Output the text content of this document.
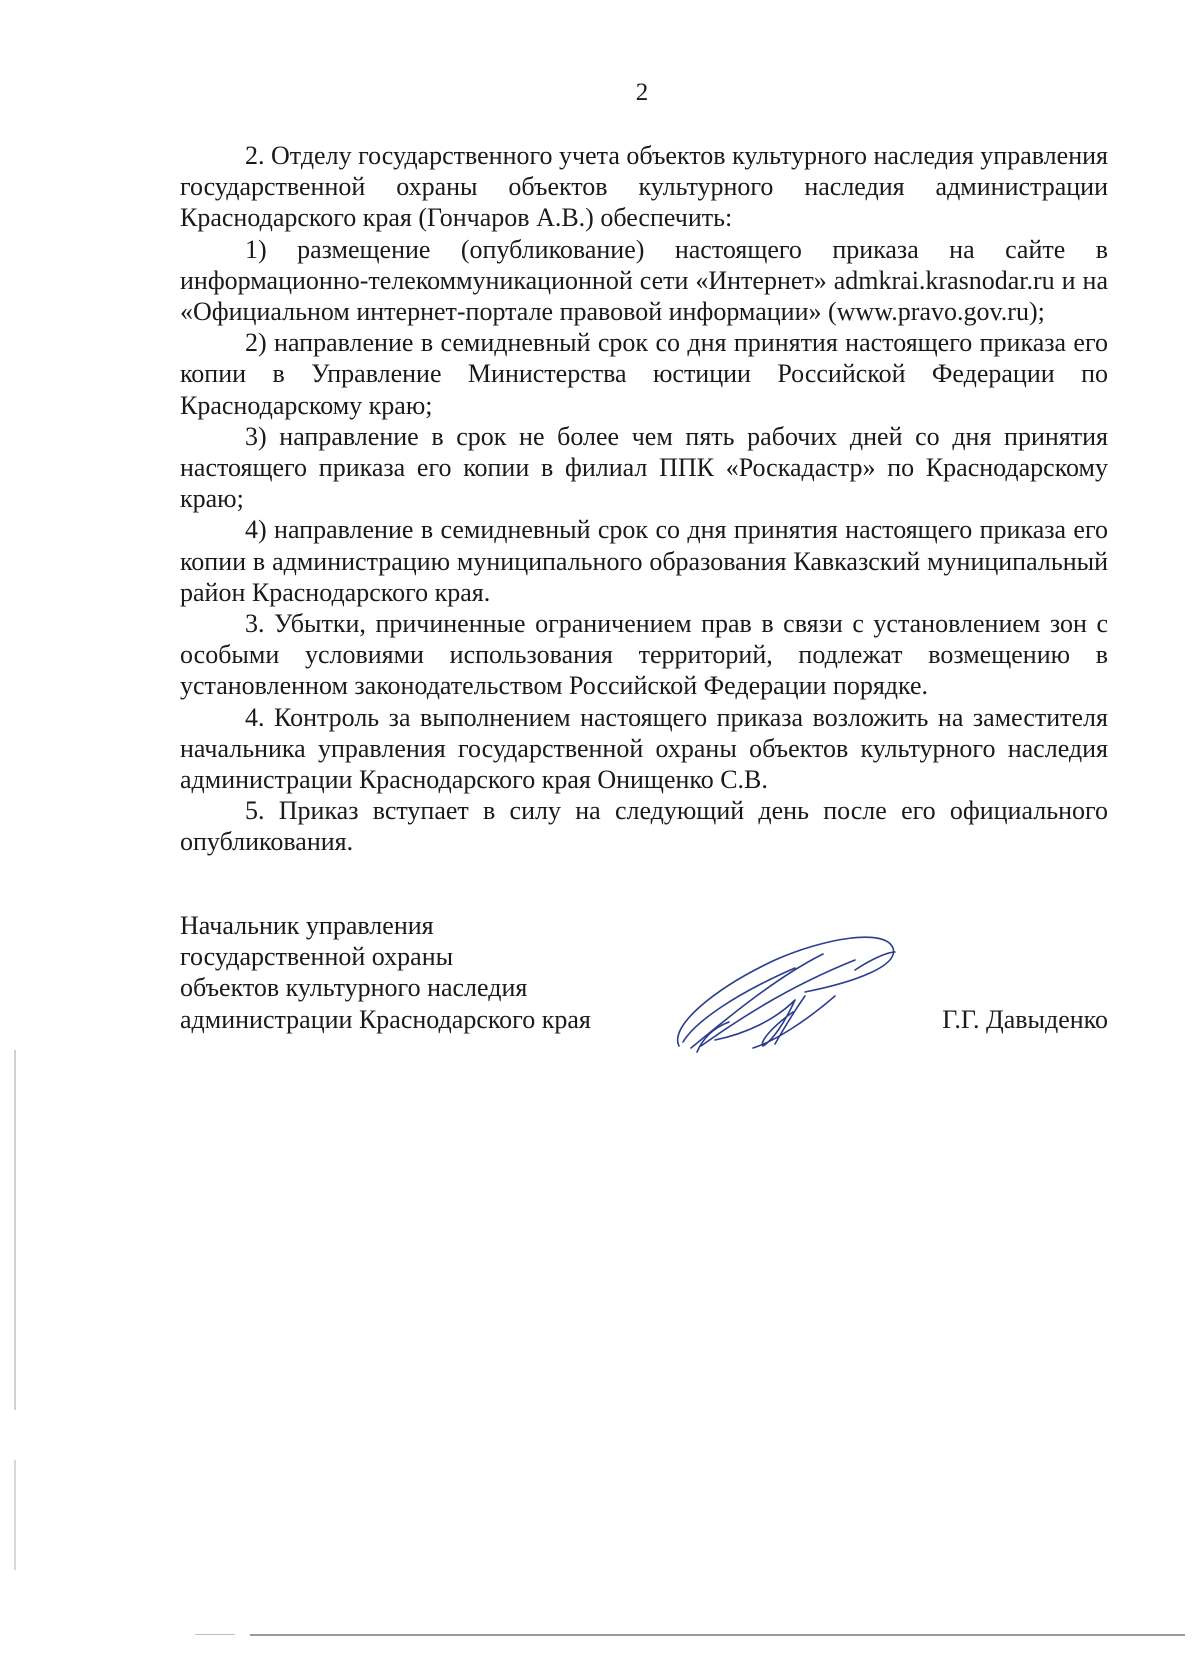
2

2. Отделу государственного учета объектов культурного наследия управления государственной охраны объектов культурного наследия администрации Краснодарского края (Гончаров А.В.) обеспечить:

1) размещение (опубликование) настоящего приказа на сайте в информационно-телекоммуникационной сети «Интернет» admkrai.krasnodar.ru и на «Официальном интернет-портале правовой информации» (www.pravo.gov.ru);

2) направление в семидневный срок со дня принятия настоящего приказа его копии в Управление Министерства юстиции Российской Федерации по Краснодарскому краю;

3) направление в срок не более чем пять рабочих дней со дня принятия настоящего приказа его копии в филиал ППК «Роскадастр» по Краснодарскому краю;

4) направление в семидневный срок со дня принятия настоящего приказа его копии в администрацию муниципального образования Кавказский муниципальный район Краснодарского края.

3. Убытки, причиненные ограничением прав в связи с установлением зон с особыми условиями использования территорий, подлежат возмещению в установленном законодательством Российской Федерации порядке.

4. Контроль за выполнением настоящего приказа возложить на заместителя начальника управления государственной охраны объектов культурного наследия администрации Краснодарского края Онищенко С.В.

5. Приказ вступает в силу на следующий день после его официального опубликования.

Начальник управления
государственной охраны
объектов культурного наследия
администрации Краснодарского края	Г.Г. Давыденко
